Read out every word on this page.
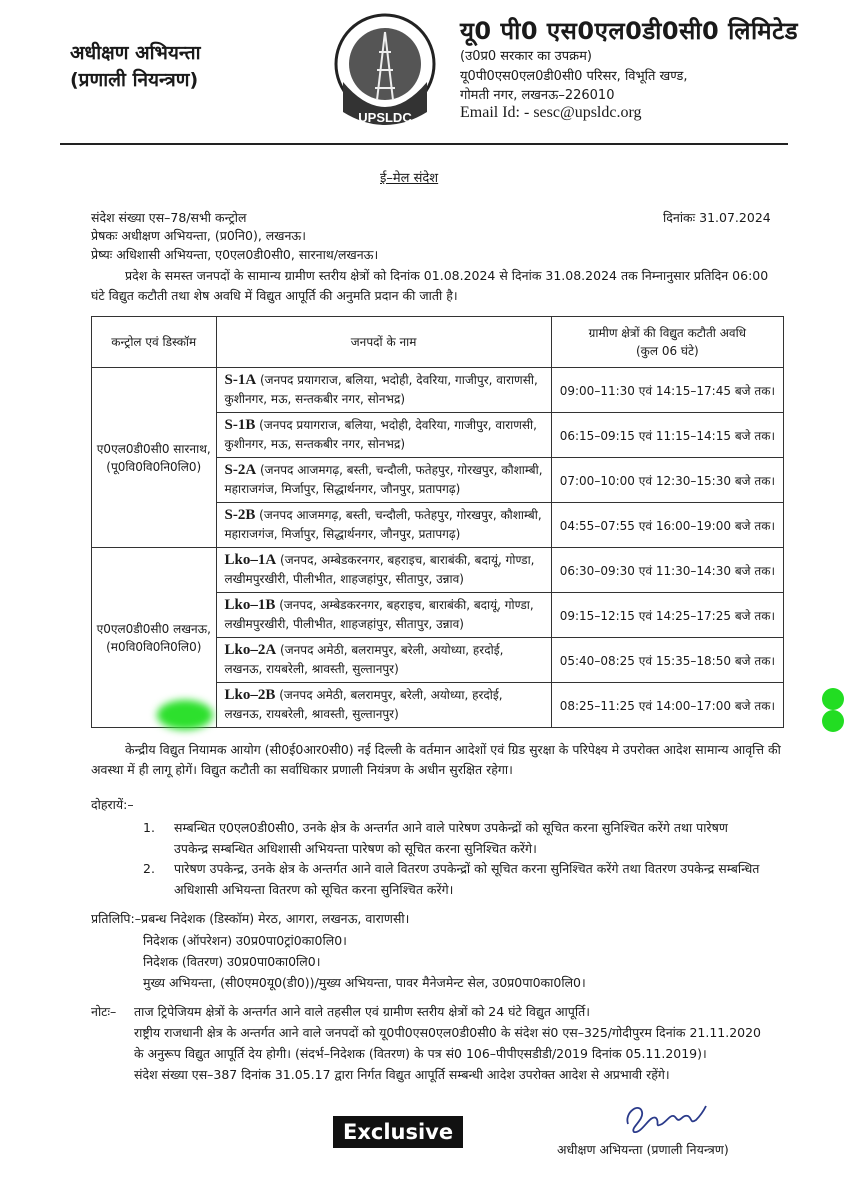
अधीक्षण अभियन्ता
(प्रणाली नियन्त्रण)
UPSLDC
यू0 पी0 एस0एल0डी0सी0 लिमिटेड
(उ0प्र0 सरकार का उपक्रम)
यू0पी0एस0एल0डी0सी0 परिसर, विभूति खण्ड,
गोमती नगर, लखनऊ–226010
Email Id: - sesc@upsldc.org
ई–मेल संदेश
संदेश संख्या एस–78/सभी कन्ट्रोल	दिनांकः 31.07.2024
प्रेषकः अधीक्षण अभियन्ता, (प्र0नि0), लखनऊ।
प्रेष्यः अधिशासी अभियन्ता, ए0एल0डी0सी0, सारनाथ/लखनऊ।
प्रदेश के समस्त जनपदों के सामान्य ग्रामीण स्तरीय क्षेत्रों को दिनांक 01.08.2024 से दिनांक 31.08.2024 तक निम्नानुसार प्रतिदिन 06:00 घंटे विद्युत कटौती तथा शेष अवधि में विद्युत आपूर्ति की अनुमति प्रदान की जाती है।
कन्ट्रोल एवं डिस्कॉम	जनपदों के नाम	ग्रामीण क्षेत्रों की विद्युत कटौती अवधि
(कुल 06 घंटे)

ए0एल0डी0सी0 सारनाथ,
(पू0वि0वि0नि0लि0)	S-1A (जनपद प्रयागराज, बलिया, भदोही, देवरिया, गाजीपुर, वाराणसी, कुशीनगर, मऊ, सन्तकबीर नगर, सोनभद्र)	09:00–11:30 एवं 14:15–17:45 बजे तक।
	S-1B (जनपद प्रयागराज, बलिया, भदोही, देवरिया, गाजीपुर, वाराणसी, कुशीनगर, मऊ, सन्तकबीर नगर, सोनभद्र)	06:15–09:15 एवं 11:15–14:15 बजे तक।
	S-2A (जनपद आजमगढ़, बस्ती, चन्दौली, फतेहपुर, गोरखपुर, कौशाम्बी, महाराजगंज, मिर्जापुर, सिद्धार्थनगर, जौनपुर, प्रतापगढ़)	07:00–10:00 एवं 12:30–15:30 बजे तक।
	S-2B (जनपद आजमगढ़, बस्ती, चन्दौली, फतेहपुर, गोरखपुर, कौशाम्बी, महाराजगंज, मिर्जापुर, सिद्धार्थनगर, जौनपुर, प्रतापगढ़)	04:55–07:55 एवं 16:00–19:00 बजे तक।

ए0एल0डी0सी0 लखनऊ,
(म0वि0वि0नि0लि0)	Lko–1A (जनपद, अम्बेडकरनगर, बहराइच, बाराबंकी, बदायूं, गोण्डा, लखीमपुरखीरी, पीलीभीत, शाहजहांपुर, सीतापुर, उन्नाव)	06:30–09:30 एवं 11:30–14:30 बजे तक।
	Lko–1B (जनपद, अम्बेडकरनगर, बहराइच, बाराबंकी, बदायूं, गोण्डा, लखीमपुरखीरी, पीलीभीत, शाहजहांपुर, सीतापुर, उन्नाव)	09:15–12:15 एवं 14:25–17:25 बजे तक।
	Lko–2A (जनपद अमेठी, बलरामपुर, बरेली, अयोध्या, हरदोई, लखनऊ, रायबरेली, श्रावस्ती, सुल्तानपुर)	05:40–08:25 एवं 15:35–18:50 बजे तक।
	Lko–2B (जनपद अमेठी, बलरामपुर, बरेली, अयोध्या, हरदोई, लखनऊ, रायबरेली, श्रावस्ती, सुल्तानपुर)	08:25–11:25 एवं 14:00–17:00 बजे तक।
केन्द्रीय विद्युत नियामक आयोग (सी0ई0आर0सी0) नई दिल्ली के वर्तमान आदेशों एवं ग्रिड सुरक्षा के परिपेक्ष्य मे उपरोक्त आदेश सामान्य आवृत्ति की अवस्था में ही लागू होगें। विद्युत कटौती का सर्वाधिकार प्रणाली नियंत्रण के अधीन सुरक्षित रहेगा।
दोहरायें:–
1. सम्बन्धित ए0एल0डी0सी0, उनके क्षेत्र के अन्तर्गत आने वाले पारेषण उपकेन्द्रों को सूचित करना सुनिश्चित करेंगे तथा पारेषण उपकेन्द्र सम्बन्धित अधिशासी अभियन्ता पारेषण को सूचित करना सुनिश्चित करेंगे।
2. पारेषण उपकेन्द्र, उनके क्षेत्र के अन्तर्गत आने वाले वितरण उपकेन्द्रों को सूचित करना सुनिश्चित करेंगे तथा वितरण उपकेन्द्र सम्बन्धित अधिशासी अभियन्ता वितरण को सूचित करना सुनिश्चित करेंगे।
प्रतिलिपि:–प्रबन्ध निदेशक (डिस्कॉम) मेरठ, आगरा, लखनऊ, वाराणसी।
निदेशक (ऑपरेशन) उ0प्र0पा0ट्रां0का0लि0।
निदेशक (वितरण) उ0प्र0पा0का0लि0।
मुख्य अभियन्ता, (सी0एम0यू0(डी0))/मुख्य अभियन्ता, पावर मैनेजमेन्ट सेल, उ0प्र0पा0का0लि0।
नोटः– ताज ट्रिपेजियम क्षेत्रों के अन्तर्गत आने वाले तहसील एवं ग्रामीण स्तरीय क्षेत्रों को 24 घंटे विद्युत आपूर्ति।
राष्ट्रीय राजधानी क्षेत्र के अन्तर्गत आने वाले जनपदों को यू0पी0एस0एल0डी0सी0 के संदेश सं0 एस–325/गोदीपुरम दिनांक 21.11.2020
के अनुरूप विद्युत आपूर्ति देय होगी। (संदर्भ–निदेशक (वितरण) के पत्र सं0 106–पीपीएसडीडी/2019 दिनांक 05.11.2019)।
संदेश संख्या एस–387 दिनांक 31.05.17 द्वारा निर्गत विद्युत आपूर्ति सम्बन्धी आदेश उपरोक्त आदेश से अप्रभावी रहेंगे।
Exclusive
अधीक्षण अभियन्ता (प्रणाली नियन्त्रण)
